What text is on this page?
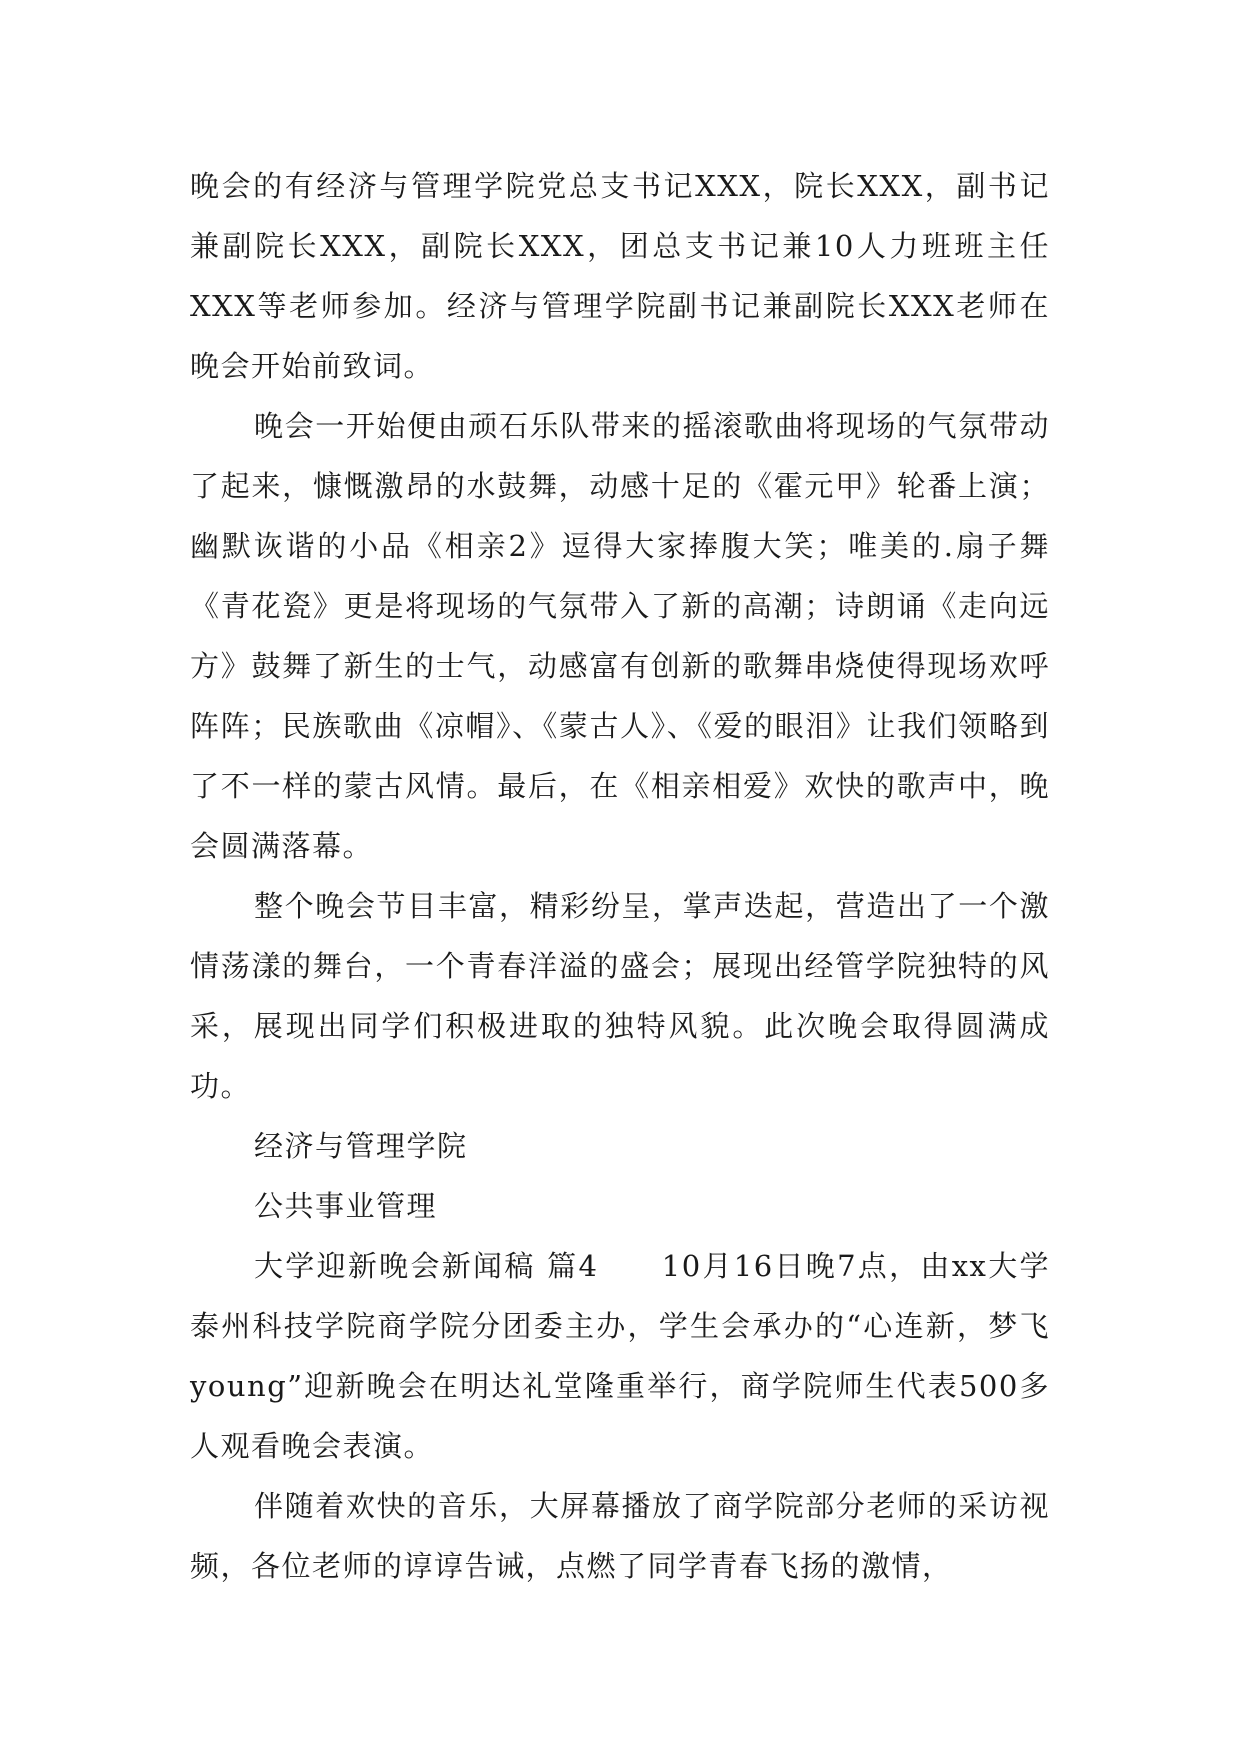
晚会的有经济与管理学院党总支书记XXX，院长XXX，副书记兼副院长XXX，副院长XXX，团总支书记兼10人力班班主任XXX等老师参加。经济与管理学院副书记兼副院长XXX老师在晚会开始前致词。

晚会一开始便由顽石乐队带来的摇滚歌曲将现场的气氛带动了起来，慷慨激昂的水鼓舞，动感十足的《霍元甲》轮番上演；幽默诙谐的小品《相亲2》逗得大家捧腹大笑；唯美的.扇子舞《青花瓷》更是将现场的气氛带入了新的高潮；诗朗诵《走向远方》鼓舞了新生的士气，动感富有创新的歌舞串烧使得现场欢呼阵阵；民族歌曲《凉帽》、《蒙古人》、《爱的眼泪》让我们领略到了不一样的蒙古风情。最后，在《相亲相爱》欢快的歌声中，晚会圆满落幕。

整个晚会节目丰富，精彩纷呈，掌声迭起，营造出了一个激情荡漾的舞台，一个青春洋溢的盛会；展现出经管学院独特的风采，展现出同学们积极进取的独特风貌。此次晚会取得圆满成功。

经济与管理学院

公共事业管理

大学迎新晚会新闻稿 篇4　　10月16日晚7点，由xx大学泰州科技学院商学院分团委主办，学生会承办的“心连新，梦飞young”迎新晚会在明达礼堂隆重举行，商学院师生代表500多人观看晚会表演。

伴随着欢快的音乐，大屏幕播放了商学院部分老师的采访视频，各位老师的谆谆告诫，点燃了同学青春飞扬的激情，
